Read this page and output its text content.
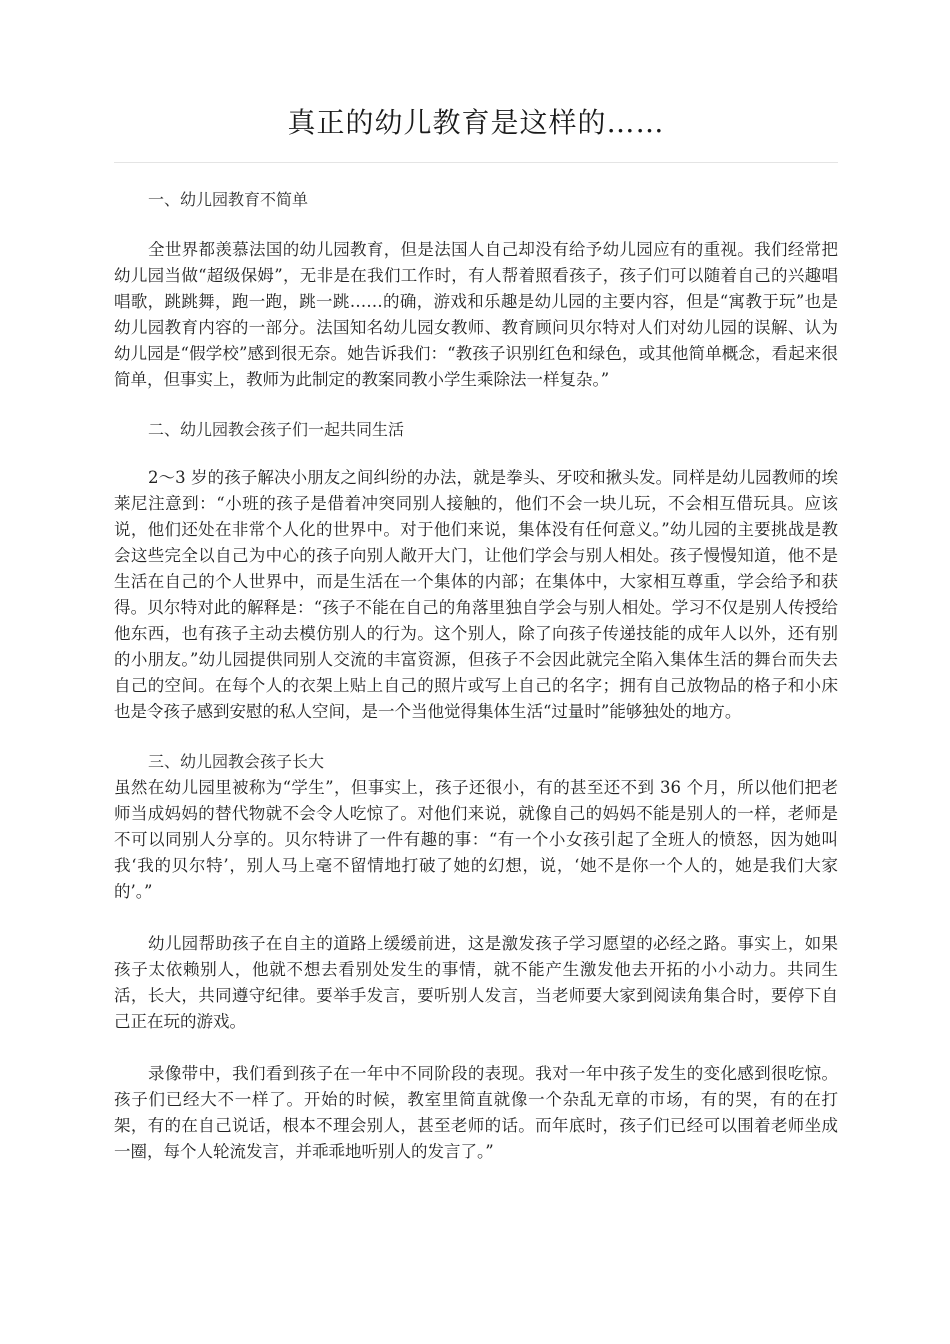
真正的幼儿教育是这样的……

一、幼儿园教育不简单

全世界都羡慕法国的幼儿园教育，但是法国人自己却没有给予幼儿园应有的重视。我们经常把幼儿园当做“超级保姆”，无非是在我们工作时，有人帮着照看孩子，孩子们可以随着自己的兴趣唱唱歌，跳跳舞，跑一跑，跳一跳……的确，游戏和乐趣是幼儿园的主要内容，但是“寓教于玩”也是幼儿园教育内容的一部分。法国知名幼儿园女教师、教育顾问贝尔特对人们对幼儿园的误解、认为幼儿园是“假学校”感到很无奈。她告诉我们：“教孩子识别红色和绿色，或其他简单概念，看起来很简单，但事实上，教师为此制定的教案同教小学生乘除法一样复杂。”

二、幼儿园教会孩子们一起共同生活

2～3 岁的孩子解决小朋友之间纠纷的办法，就是拳头、牙咬和揪头发。同样是幼儿园教师的埃莱尼注意到：“小班的孩子是借着冲突同别人接触的，他们不会一块儿玩，不会相互借玩具。应该说，他们还处在非常个人化的世界中。对于他们来说，集体没有任何意义。”幼儿园的主要挑战是教会这些完全以自己为中心的孩子向别人敞开大门，让他们学会与别人相处。孩子慢慢知道，他不是生活在自己的个人世界中，而是生活在一个集体的内部；在集体中，大家相互尊重，学会给予和获得。贝尔特对此的解释是：“孩子不能在自己的角落里独自学会与别人相处。学习不仅是别人传授给他东西，也有孩子主动去模仿别人的行为。这个别人，除了向孩子传递技能的成年人以外，还有别的小朋友。”幼儿园提供同别人交流的丰富资源，但孩子不会因此就完全陷入集体生活的舞台而失去自己的空间。在每个人的衣架上贴上自己的照片或写上自己的名字；拥有自己放物品的格子和小床也是令孩子感到安慰的私人空间，是一个当他觉得集体生活“过量时”能够独处的地方。

三、幼儿园教会孩子长大

虽然在幼儿园里被称为“学生”，但事实上，孩子还很小，有的甚至还不到 36 个月，所以他们把老师当成妈妈的替代物就不会令人吃惊了。对他们来说，就像自己的妈妈不能是别人的一样，老师是不可以同别人分享的。贝尔特讲了一件有趣的事：“有一个小女孩引起了全班人的愤怒，因为她叫我‘我的贝尔特’，别人马上毫不留情地打破了她的幻想，说，‘她不是你一个人的，她是我们大家的’。”

幼儿园帮助孩子在自主的道路上缓缓前进，这是激发孩子学习愿望的必经之路。事实上，如果孩子太依赖别人，他就不想去看别处发生的事情，就不能产生激发他去开拓的小小动力。共同生活，长大，共同遵守纪律。要举手发言，要听别人发言，当老师要大家到阅读角集合时，要停下自己正在玩的游戏。

录像带中，我们看到孩子在一年中不同阶段的表现。我对一年中孩子发生的变化感到很吃惊。孩子们已经大不一样了。开始的时候，教室里简直就像一个杂乱无章的市场，有的哭，有的在打架，有的在自己说话，根本不理会别人，甚至老师的话。而年底时，孩子们已经可以围着老师坐成一圈，每个人轮流发言，并乖乖地听别人的发言了。”
